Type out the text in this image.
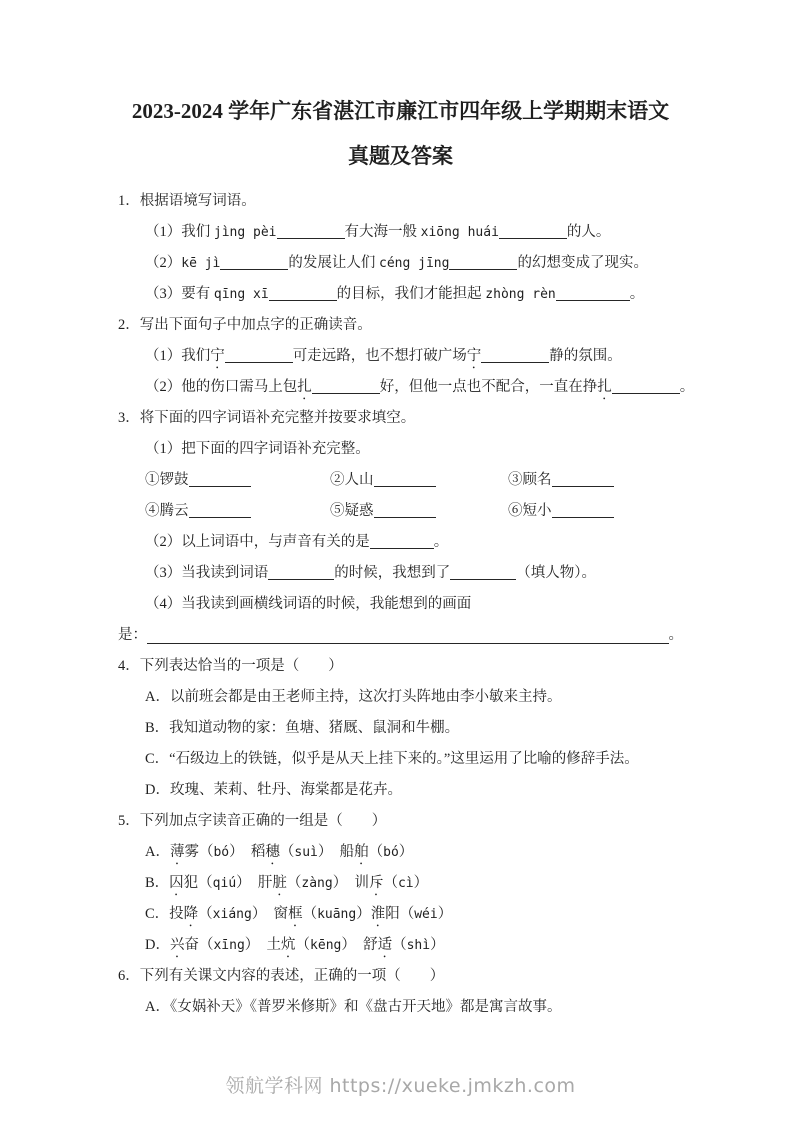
2023-2024 学年广东省湛江市廉江市四年级上学期期末语文
真题及答案
1．根据语境写词语。
（1）我们 jìng pèi	有大海一般 xiōng huái	的人。
（2）kē jì	的发展让人们 céng jīng	的幻想变成了现实。
（3）要有 qīng xī	的目标，我们才能担起 zhòng rèn	。
2．写出下面句子中加点字的正确读音。
（1）我们宁	可走远路，也不想打破广场宁	静的氛围。
（2）他的伤口需马上包扎	好，但他一点也不配合，一直在挣扎	。
3．将下面的四字词语补充完整并按要求填空。
（1）把下面的四字词语补充完整。
①锣鼓	②人山	③顾名
④腾云	⑤疑惑	⑥短小
（2）以上词语中，与声音有关的是	。
（3）当我读到词语	的时候，我想到了	（填人物）。
（4）当我读到画横线词语的时候，我能想到的画面
是：	。
4．下列表达恰当的一项是（　　）
A．以前班会都是由王老师主持，这次打头阵地由李小敏来主持。
B．我知道动物的家：鱼塘、猪厩、鼠洞和牛棚。
C．“石级边上的铁链，似乎是从天上挂下来的。”这里运用了比喻的修辞手法。
D．玫瑰、茉莉、牡丹、海棠都是花卉。
5．下列加点字读音正确的一组是（　　）
A．薄雾（bó）　稻穗（suì）　船舶（bó）
B．囚犯（qiú）　肝脏（zàng）　训斥（cì）
C．投降（xiáng）　窗框（kuāng）淮阳（wéi）
D．兴奋（xīng）　土炕（kēng）　舒适（shì）
6．下列有关课文内容的表述，正确的一项（　　）
A．《女娲补天》《普罗米修斯》和《盘古开天地》都是寓言故事。
领航学科网 https://xueke.jmkzh.com
